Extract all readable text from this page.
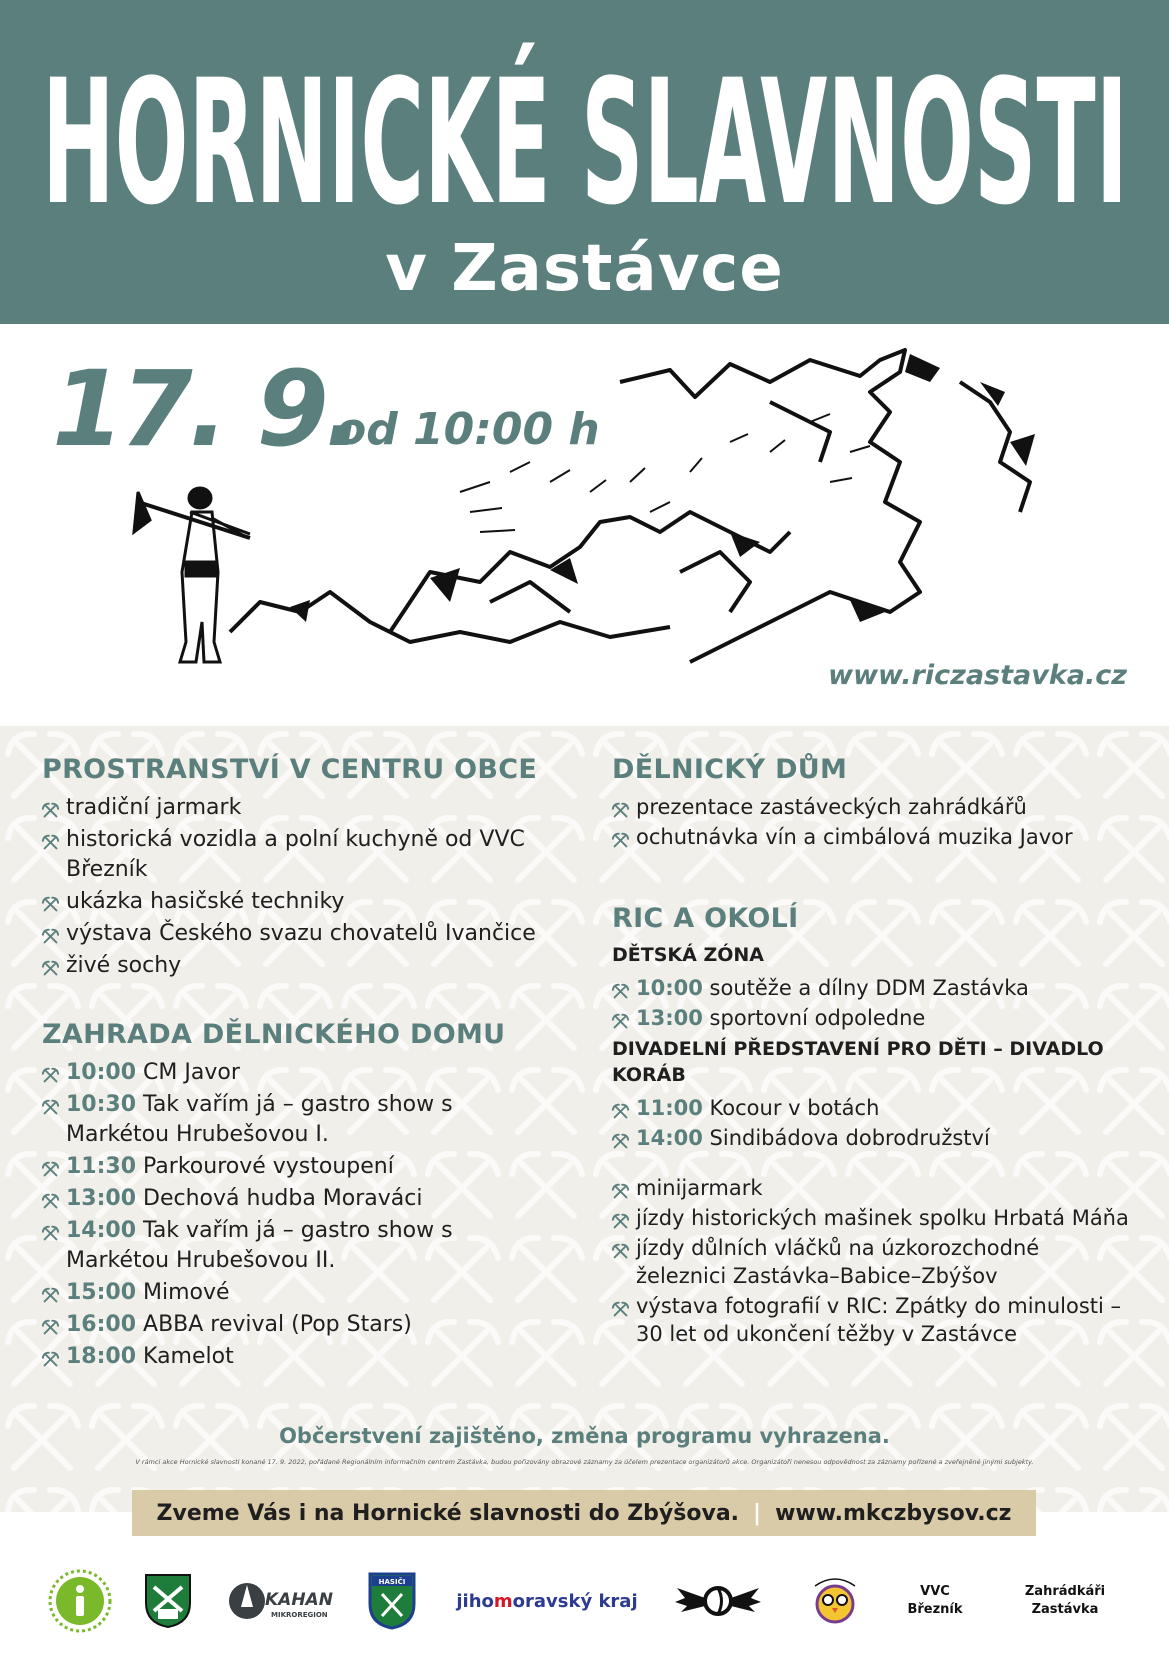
HORNICKÉ SLAVNOSTI
v Zastávce
17. 9.
od 10:00 h
www.riczastavka.cz
PROSTRANSTVÍ V CENTRU OBCE
tradiční jarmark
historická vozidla a polní kuchyně od VVC Březník
ukázka hasičské techniky
výstava Českého svazu chovatelů Ivančice
živé sochy
ZAHRADA DĚLNICKÉHO DOMU
10:00 CM Javor
10:30 Tak vařím já – gastro show s Markétou Hrubešovou I.
11:30 Parkourové vystoupení
13:00 Dechová hudba Moraváci
14:00 Tak vařím já – gastro show s Markétou Hrubešovou II.
15:00 Mimové
16:00 ABBA revival (Pop Stars)
18:00 Kamelot
DĚLNICKÝ DŮM
prezentace zastáveckých zahrádkářů
ochutnávka vín a cimbálová muzika Javor
RIC A OKOLÍ
DĚTSKÁ ZÓNA
10:00 soutěže a dílny DDM Zastávka
13:00 sportovní odpoledne
DIVADELNÍ PŘEDSTAVENÍ PRO DĚTI – DIVADLO KORÁB
11:00 Kocour v botách
14:00 Sindibádova dobrodružství
minijarmark
jízdy historických mašinek spolku Hrbatá Máňa
jízdy důlních vláčků na úzkorozchodné železnici Zastávka–Babice–Zbýšov
výstava fotografií v RIC: Zpátky do minulosti – 30 let od ukončení těžby v Zastávce
Občerstvení zajištěno, změna programu vyhrazena.
V rámci akce Hornické slavnosti konané 17. 9. 2022, pořádané Regionálním informačním centrem Zastávka, budou pořizovány obrazové záznamy za účelem prezentace organizátorů akce. Organizátoři nenesou odpovědnost za záznamy pořízené a zveřejněné jinými subjekty.
Zveme Vás i na Hornické slavnosti do Zbýšova. | www.mkczbysov.cz
KAHAN
MIKROREGION
HASIČI
jihomoravský kraj	VVC
Březník
Zahrádkáři
Zastávka
